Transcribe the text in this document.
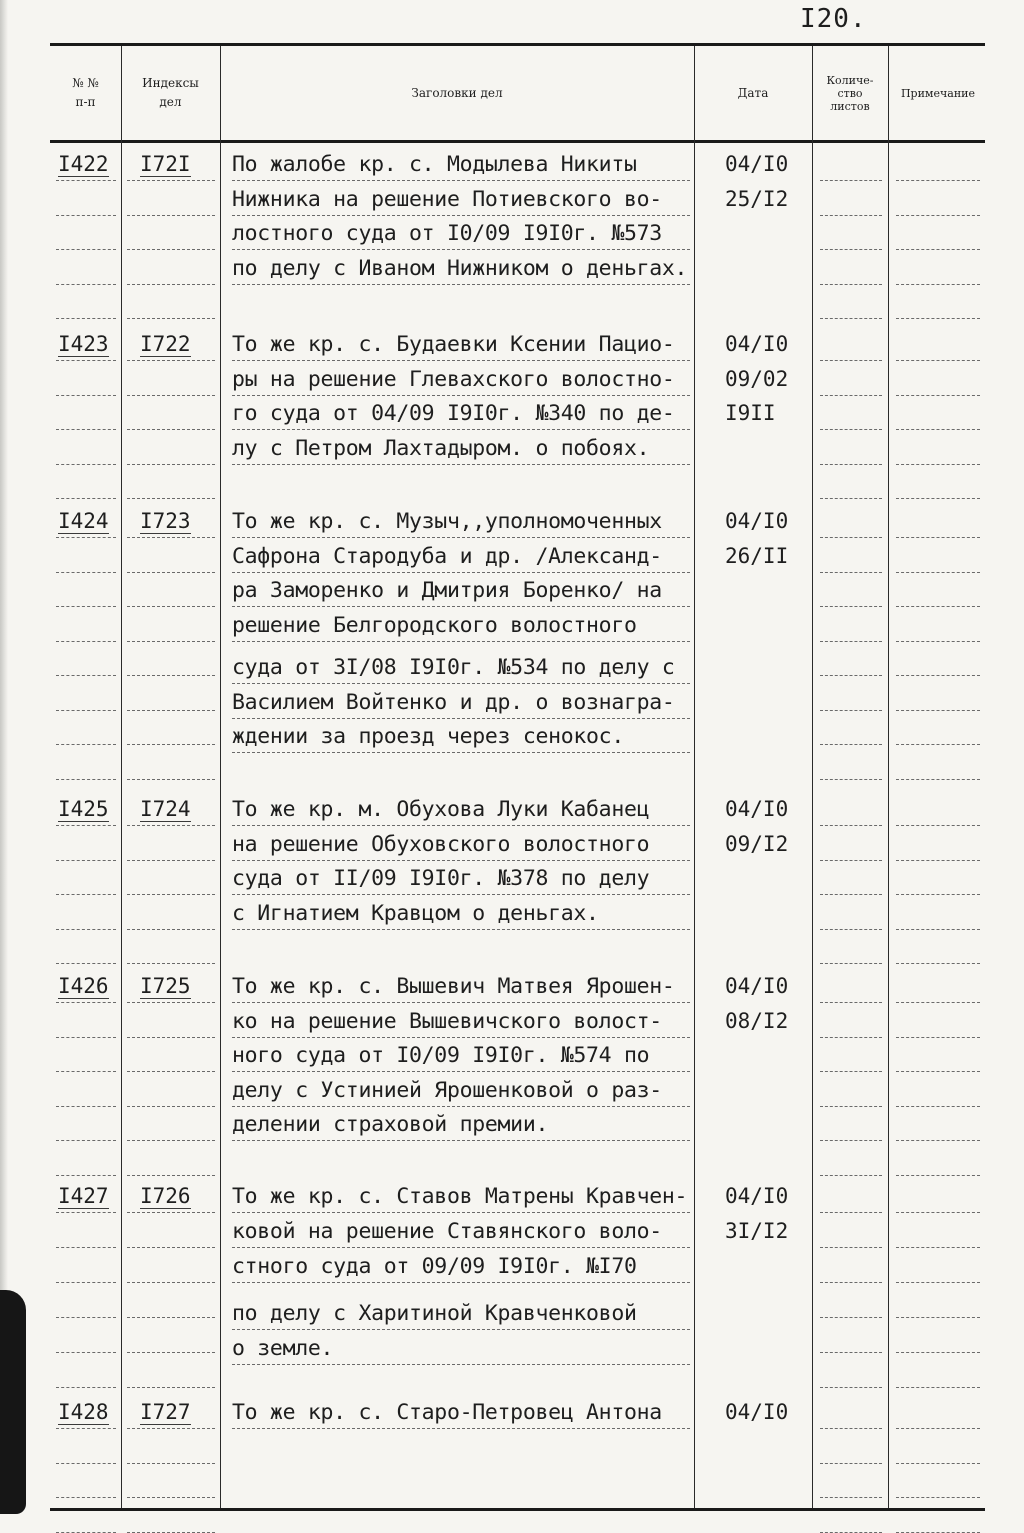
I20.
№ №
п-п
Индексы
дел
Заголовки дел	Дата
Количе-
ство
листов
Примечание
I422 I72I По жалобе кр. с. Модылева Никиты
Нижника на решение Потиевского во-
лостного суда от I0/09 I9I0г. №573
по делу с Иваном Нижником о деньгах.
04/I0
25/I2
I423 I722 То же кр. с. Будаевки Ксении Пацио-
ры на решение Глевахского волостно-
го суда от 04/09 I9I0г. №340 по де-
лу с Петром Лахтадыром. о побоях.
04/I0
09/02
I9II
I424 I723 То же кр. с. Музыч,,уполномоченных
Сафрона Стародуба и др. /Александ-
ра Заморенко и Дмитрия Боренко/ на
решение Белгородского волостного
суда от 3I/08 I9I0г. №534 по делу с
Василием Войтенко и др. о вознагра-
ждении за проезд через сенокос.
04/I0
26/II
I425 I724 То же кр. м. Обухова Луки Кабанец
на решение Обуховского волостного
суда от II/09 I9I0г. №378 по делу
с Игнатием Кравцом о деньгах.
04/I0
09/I2
I426 I725 То же кр. с. Вышевич Матвея Ярошен-
ко на решение Вышевичского волост-
ного суда от I0/09 I9I0г. №574 по
делу с Устинией Ярошенковой о раз-
делении страховой премии.
04/I0
08/I2
I427 I726 То же кр. с. Ставов Матрены Кравчен-
ковой на решение Ставянского воло-
стного суда от 09/09 I9I0г. №I70
по делу с Харитиной Кравченковой
о земле.
04/I0
3I/I2
I428 I727 То же кр. с. Старо-Петровец Антона	04/I0
